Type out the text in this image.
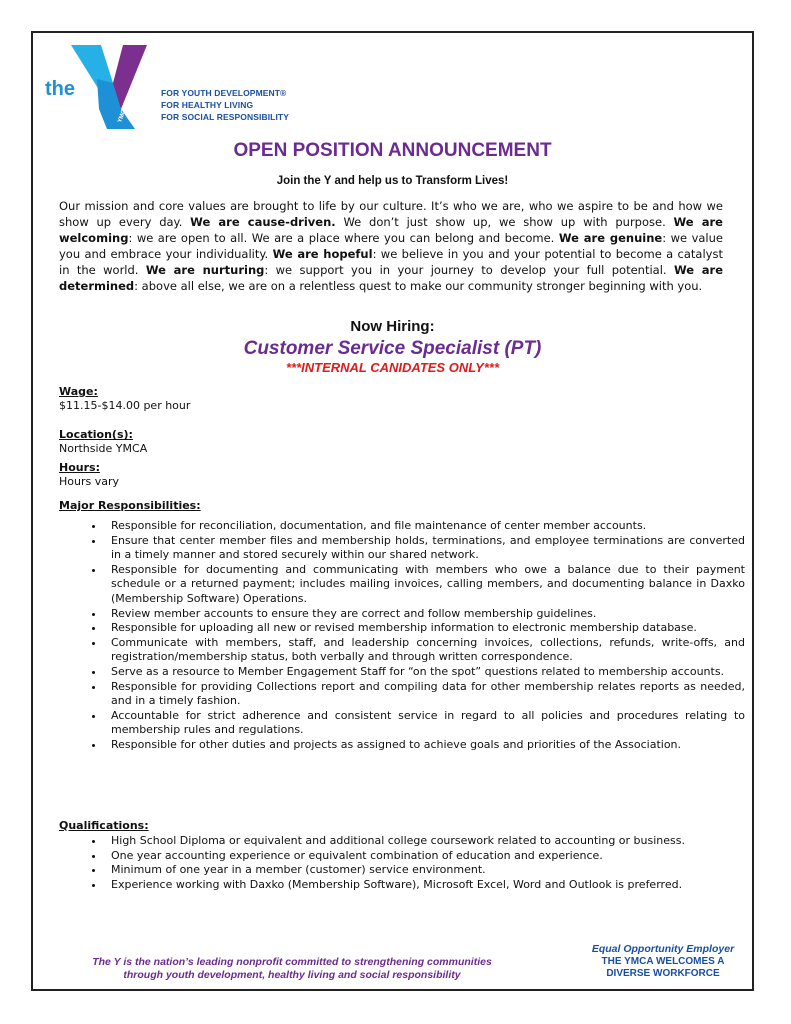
the
YMCA
FOR YOUTH DEVELOPMENT®
FOR HEALTHY LIVING
FOR SOCIAL RESPONSIBILITY
OPEN POSITION ANNOUNCEMENT
Join the Y and help us to Transform Lives!
Our mission and core values are brought to life by our culture. It’s who we are, who we aspire to be and how we show up every day. We are cause-driven. We don’t just show up, we show up with purpose. We are welcoming: we are open to all. We are a place where you can belong and become. We are genuine: we value you and embrace your individuality. We are hopeful: we believe in you and your potential to become a catalyst in the world. We are nurturing: we support you in your journey to develop your full potential. We are determined: above all else, we are on a relentless quest to make our community stronger beginning with you.
Now Hiring:
Customer Service Specialist (PT)
***INTERNAL CANIDATES ONLY***
Wage:
$11.15-$14.00 per hour
Location(s):
Northside YMCA
Hours:
Hours vary
Major Responsibilities:
• Responsible for reconciliation, documentation, and file maintenance of center member accounts.
• Ensure that center member files and membership holds, terminations, and employee terminations are converted in a timely manner and stored securely within our shared network.
• Responsible for documenting and communicating with members who owe a balance due to their payment schedule or a returned payment; includes mailing invoices, calling members, and documenting balance in Daxko (Membership Software) Operations.
• Review member accounts to ensure they are correct and follow membership guidelines.
• Responsible for uploading all new or revised membership information to electronic membership database.
• Communicate with members, staff, and leadership concerning invoices, collections, refunds, write-offs, and registration/membership status, both verbally and through written correspondence.
• Serve as a resource to Member Engagement Staff for “on the spot” questions related to membership accounts.
• Responsible for providing Collections report and compiling data for other membership relates reports as needed, and in a timely fashion.
• Accountable for strict adherence and consistent service in regard to all policies and procedures relating to membership rules and regulations.
• Responsible for other duties and projects as assigned to achieve goals and priorities of the Association.
Qualifications:
• High School Diploma or equivalent and additional college coursework related to accounting or business.
• One year accounting experience or equivalent combination of education and experience.
• Minimum of one year in a member (customer) service environment.
• Experience working with Daxko (Membership Software), Microsoft Excel, Word and Outlook is preferred.
The Y is the nation’s leading nonprofit committed to strengthening communities
through youth development, healthy living and social responsibility
Equal Opportunity Employer
THE YMCA WELCOMES A
DIVERSE WORKFORCE
